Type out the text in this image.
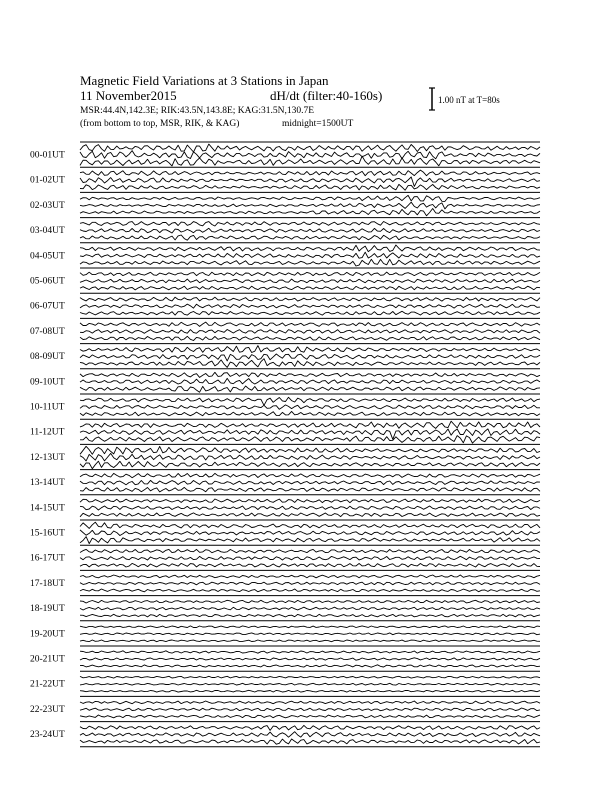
Magnetic Field Variations at 3 Stations in Japan
11 November2015	dH/dt (filter:40-160s)
MSR:44.4N,142.3E; RIK:43.5N,143.8E; KAG:31.5N,130.7E
(from bottom to top, MSR, RIK, & KAG)	midnight=1500UT
1.00 nT at T=80s
00-01UT
01-02UT
02-03UT
03-04UT
04-05UT
05-06UT
06-07UT
07-08UT
08-09UT
09-10UT
10-11UT
11-12UT
12-13UT
13-14UT
14-15UT
15-16UT
16-17UT
17-18UT
18-19UT
19-20UT
20-21UT
21-22UT
22-23UT
23-24UT
